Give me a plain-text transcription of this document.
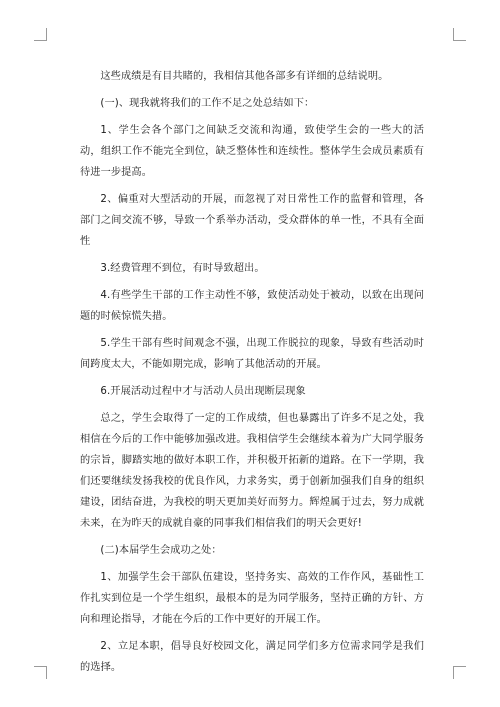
这些成绩是有目共睹的，我相信其他各部多有详细的总结说明。

(一)、现我就将我们的工作不足之处总结如下：

1、学生会各个部门之间缺乏交流和沟通，致使学生会的一些大的活动，组织工作不能完全到位，缺乏整体性和连续性。整体学生会成员素质有待进一步提高。

2、偏重对大型活动的开展，而忽视了对日常性工作的监督和管理，各部门之间交流不够，导致一个系举办活动，受众群体的单一性，不具有全面性

3.经费管理不到位，有时导致超出。

4.有些学生干部的工作主动性不够，致使活动处于被动，以致在出现问题的时候惊慌失措。

5.学生干部有些时间观念不强，出现工作脱拉的现象，导致有些活动时间跨度太大，不能如期完成，影响了其他活动的开展。

6.开展活动过程中才与活动人员出现断层现象

总之，学生会取得了一定的工作成绩，但也暴露出了许多不足之处，我相信在今后的工作中能够加强改进。我相信学生会继续本着为广大同学服务的宗旨，脚踏实地的做好本职工作，并积极开拓新的道路。在下一学期，我们还要继续发扬我校的优良作风，力求务实，勇于创新加强我们自身的组织建设，团结奋进，为我校的明天更加美好而努力。辉煌属于过去，努力成就未来，在为昨天的成就自豪的同事我们相信我们的明天会更好!

(二)本届学生会成功之处：

1、加强学生会干部队伍建设，坚持务实、高效的工作作风，基础性工作扎实到位是一个学生组织，最根本的是为同学服务，坚持正确的方针、方向和理论指导，才能在今后的工作中更好的开展工作。

2、立足本职，倡导良好校园文化，满足同学们多方位需求同学是我们的选择。
